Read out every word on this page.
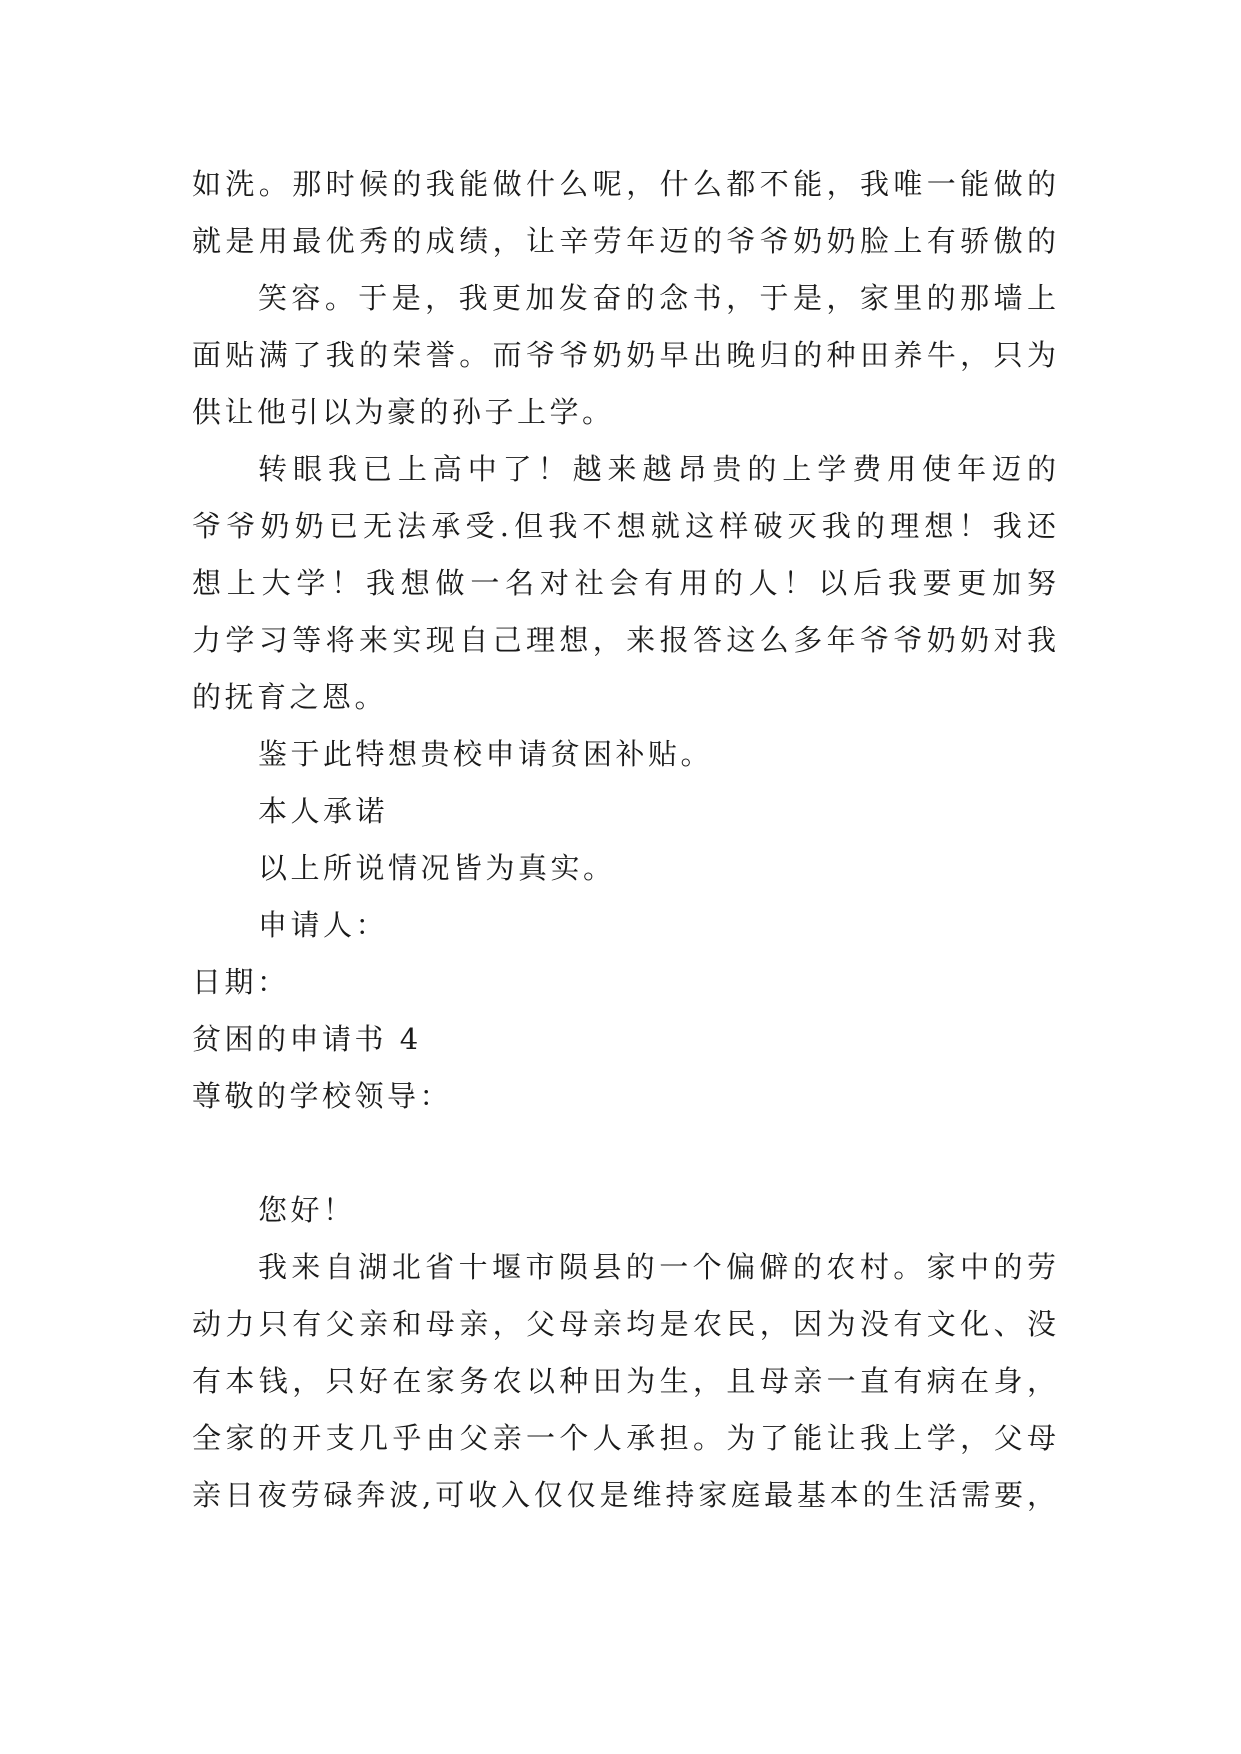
如洗。那时候的我能做什么呢，什么都不能，我唯一能做的
就是用最优秀的成绩，让辛劳年迈的爷爷奶奶脸上有骄傲的
笑容。于是，我更加发奋的念书，于是，家里的那墙上
面贴满了我的荣誉。而爷爷奶奶早出晚归的种田养牛，只为
供让他引以为豪的孙子上学。
转眼我已上高中了！越来越昂贵的上学费用使年迈的
爷爷奶奶已无法承受.但我不想就这样破灭我的理想！我还
想上大学！我想做一名对社会有用的人！以后我要更加努
力学习等将来实现自己理想，来报答这么多年爷爷奶奶对我
的抚育之恩。
鉴于此特想贵校申请贫困补贴。
本人承诺
以上所说情况皆为真实。
申请人：
日期：
贫困的申请书 4
尊敬的学校领导：
您好！
我来自湖北省十堰市陨县的一个偏僻的农村。家中的劳
动力只有父亲和母亲，父母亲均是农民，因为没有文化、没
有本钱，只好在家务农以种田为生，且母亲一直有病在身，
全家的开支几乎由父亲一个人承担。为了能让我上学，父母
亲日夜劳碌奔波,可收入仅仅是维持家庭最基本的生活需要，
